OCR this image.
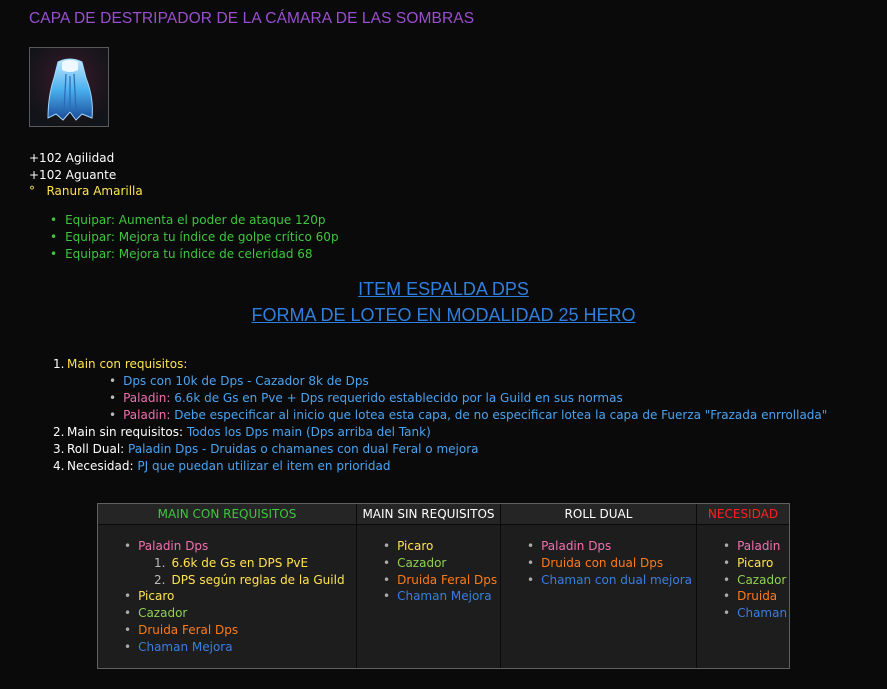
CAPA DE DESTRIPADOR DE LA CÁMARA DE LAS SOMBRAS
+102 Agilidad
+102 Aguante
° Ranura Amarilla
• Equipar: Aumenta el poder de ataque 120p
• Equipar: Mejora tu índice de golpe crítico 60p
• Equipar: Mejora tu índice de celeridad 68
ITEM ESPALDA DPS
FORMA DE LOTEO EN MODALIDAD 25 HERO
1. Main con requisitos:
• Dps con 10k de Dps - Cazador 8k de Dps
• Paladin: 6.6k de Gs en Pve + Dps requerido establecido por la Guild en sus normas
• Paladin: Debe especificar al inicio que lotea esta capa, de no especificar lotea la capa de Fuerza "Frazada enrrollada"
2. Main sin requisitos: Todos los Dps main (Dps arriba del Tank)
3. Roll Dual: Paladin Dps - Druidas o chamanes con dual Feral o mejora
4. Necesidad: PJ que puedan utilizar el item en prioridad
MAIN CON REQUISITOS
• Paladin Dps
1. 6.6k de Gs en DPS PvE
2. DPS según reglas de la Guild
• Picaro
• Cazador
• Druida Feral Dps
• Chaman Mejora
MAIN SIN REQUISITOS
• Picaro
• Cazador
• Druida Feral Dps
• Chaman Mejora
ROLL DUAL
• Paladin Dps
• Druida con dual Dps
• Chaman con dual mejora
NECESIDAD
• Paladin
• Picaro
• Cazador
• Druida
• Chaman
